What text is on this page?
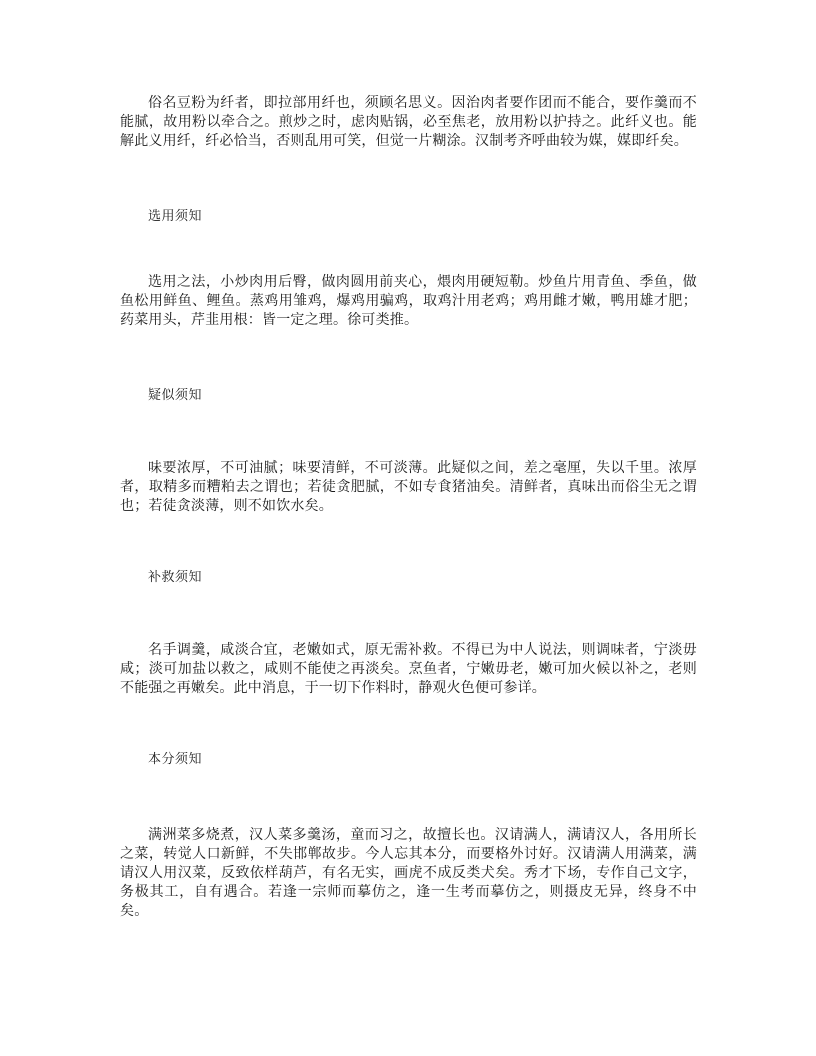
俗名豆粉为纤者，即拉部用纤也，须顾名思义。因治肉者要作团而不能合，要作羹而不能腻，故用粉以牵合之。煎炒之时，虑肉贴锅，必至焦老，放用粉以护持之。此纤义也。能解此义用纤，纤必恰当，否则乱用可笑，但觉一片糊涂。汉制考齐呼曲较为媒，媒即纤矣。

选用须知

选用之法，小炒肉用后臀，做肉圆用前夹心，煨肉用硬短勒。炒鱼片用青鱼、季鱼，做鱼松用鲜鱼、鲤鱼。蒸鸡用雏鸡，爆鸡用骗鸡，取鸡汁用老鸡；鸡用雌才嫩，鸭用雄才肥；药菜用头，芹韭用根：皆一定之理。徐可类推。

疑似须知

味要浓厚，不可油腻；味要清鲜，不可淡薄。此疑似之间，差之毫厘，失以千里。浓厚者，取精多而糟粕去之谓也；若徒贪肥腻，不如专食猪油矣。清鲜者，真味出而俗尘无之谓也；若徒贪淡薄，则不如饮水矣。

补救须知

名手调羹，咸淡合宜，老嫩如式，原无需补救。不得已为中人说法，则调味者，宁淡毋咸；淡可加盐以救之，咸则不能使之再淡矣。烹鱼者，宁嫩毋老，嫩可加火候以补之，老则不能强之再嫩矣。此中消息，于一切下作料时，静观火色便可参详。

本分须知

满洲菜多烧煮，汉人菜多羹汤，童而习之，故擅长也。汉请满人，满请汉人，各用所长之菜，转觉人口新鲜，不失邯郸故步。今人忘其本分，而要格外讨好。汉请满人用满菜，满请汉人用汉菜，反致依样葫芦，有名无实，画虎不成反类犬矣。秀才下场，专作自己文字，务极其工，自有遇合。若逢一宗师而摹仿之，逢一生考而摹仿之，则摄皮无异，终身不中矣。
